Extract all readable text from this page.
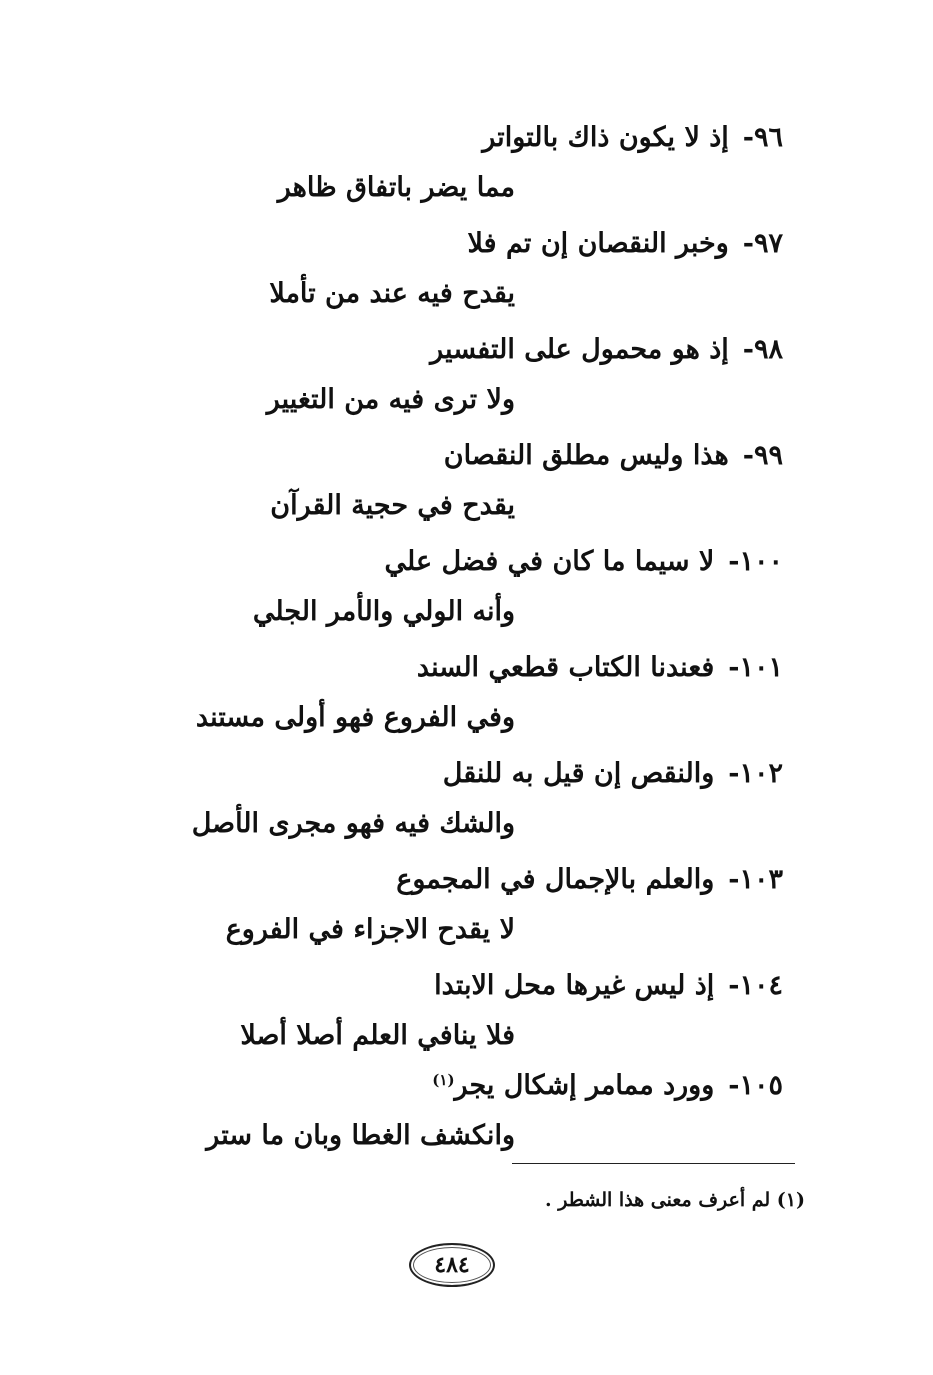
٩٦-إذ لا يكون ذاك بالتواتر
مما يضر باتفاق ظاهر
٩٧-وخبر النقصان إن تم فلا
يقدح فيه عند من تأملا
٩٨-إذ هو محمول على التفسير
ولا ترى فيه من التغيير
٩٩-هذا وليس مطلق النقصان
يقدح في حجية القرآن
١٠٠-لا سيما ما كان في فضل علي
وأنه الولي والأمر الجلي
١٠١-فعندنا الكتاب قطعي السند
وفي الفروع فهو أولى مستند
١٠٢-والنقص إن قيل به للنقل
والشك فيه فهو مجرى الأصل
١٠٣-والعلم بالإجمال في المجموع
لا يقدح الاجزاء في الفروع
١٠٤-إذ ليس غيرها محل الابتدا
فلا ينافي العلم أصلا أصلا
١٠٥-وورد ممامر إشكال يجر$^{(١)}$
وانكشف الغطا وبان ما ستر
(١) لم أعرف معنى هذا الشطر .
٤٨٤
